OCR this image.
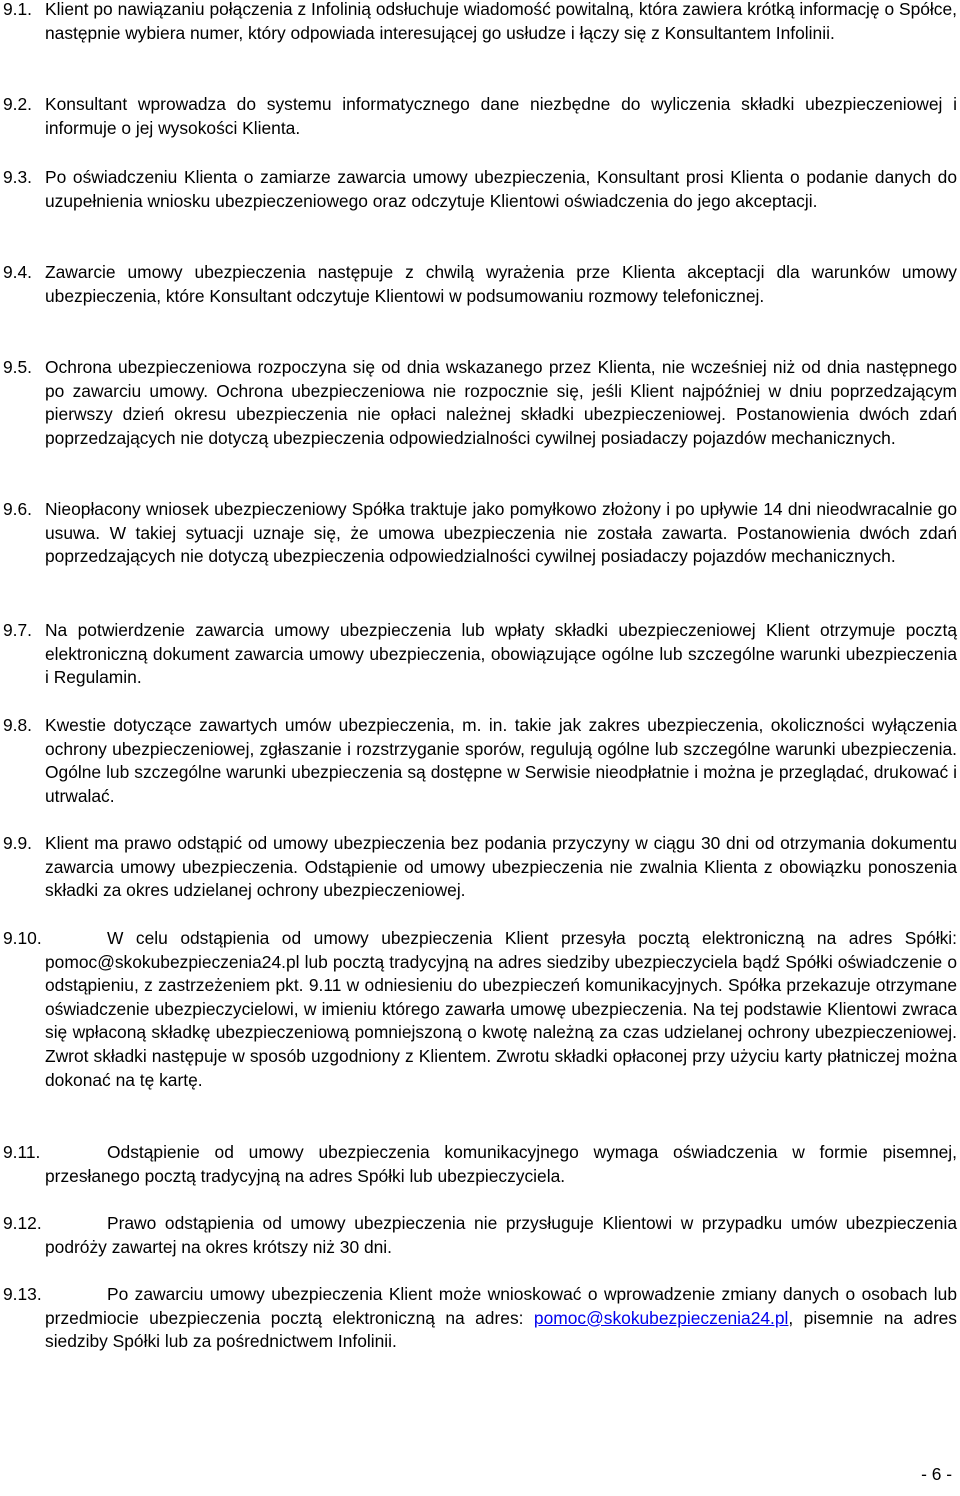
9.1. Klient po nawiązaniu połączenia z Infolinią odsłuchuje wiadomość powitalną, która zawiera krótką informację o Spółce, następnie wybiera numer, który odpowiada interesującej go usłudze i łączy się z Konsultantem Infolinii.
9.2. Konsultant wprowadza do systemu informatycznego dane niezbędne do wyliczenia składki ubezpieczeniowej i informuje o jej wysokości Klienta.
9.3. Po oświadczeniu Klienta o zamiarze zawarcia umowy ubezpieczenia, Konsultant prosi Klienta o podanie danych do uzupełnienia wniosku ubezpieczeniowego oraz odczytuje Klientowi oświadczenia do jego akceptacji.
9.4. Zawarcie umowy ubezpieczenia następuje z chwilą wyrażenia prze Klienta akceptacji dla warunków umowy ubezpieczenia, które Konsultant odczytuje Klientowi w podsumowaniu rozmowy telefonicznej.
9.5. Ochrona ubezpieczeniowa rozpoczyna się od dnia wskazanego przez Klienta, nie wcześniej niż od dnia następnego po zawarciu umowy. Ochrona ubezpieczeniowa nie rozpocznie się, jeśli Klient najpóźniej w dniu poprzedzającym pierwszy dzień okresu ubezpieczenia nie opłaci należnej składki ubezpieczeniowej. Postanowienia dwóch zdań poprzedzających nie dotyczą ubezpieczenia odpowiedzialności cywilnej posiadaczy pojazdów mechanicznych.
9.6. Nieopłacony wniosek ubezpieczeniowy Spółka traktuje jako pomyłkowo złożony i po upływie 14 dni nieodwracalnie go usuwa. W takiej sytuacji uznaje się, że umowa ubezpieczenia nie została zawarta. Postanowienia dwóch zdań poprzedzających nie dotyczą ubezpieczenia odpowiedzialności cywilnej posiadaczy pojazdów mechanicznych.
9.7. Na potwierdzenie zawarcia umowy ubezpieczenia lub wpłaty składki ubezpieczeniowej Klient otrzymuje pocztą elektroniczną dokument zawarcia umowy ubezpieczenia, obowiązujące ogólne lub szczególne warunki ubezpieczenia i Regulamin.
9.8. Kwestie dotyczące zawartych umów ubezpieczenia, m. in. takie jak zakres ubezpieczenia, okoliczności wyłączenia ochrony ubezpieczeniowej, zgłaszanie i rozstrzyganie sporów, regulują ogólne lub szczególne warunki ubezpieczenia. Ogólne lub szczególne warunki ubezpieczenia są dostępne w Serwisie nieodpłatnie i można je przeglądać, drukować i utrwalać.
9.9. Klient ma prawo odstąpić od umowy ubezpieczenia bez podania przyczyny w ciągu 30 dni od otrzymania dokumentu zawarcia umowy ubezpieczenia. Odstąpienie od umowy ubezpieczenia nie zwalnia Klienta z obowiązku ponoszenia składki za okres udzielanej ochrony ubezpieczeniowej.
9.10.	W celu odstąpienia od umowy ubezpieczenia Klient przesyła pocztą elektroniczną na adres Spółki: pomoc@skokubezpieczenia24.pl lub pocztą tradycyjną na adres siedziby ubezpieczyciela bądź Spółki oświadczenie o odstąpieniu, z zastrzeżeniem pkt. 9.11 w odniesieniu do ubezpieczeń komunikacyjnych. Spółka przekazuje otrzymane oświadczenie ubezpieczycielowi, w imieniu którego zawarła umowę ubezpieczenia. Na tej podstawie Klientowi zwraca się wpłaconą składkę ubezpieczeniową pomniejszoną o kwotę należną za czas udzielanej ochrony ubezpieczeniowej. Zwrot składki następuje w sposób uzgodniony z Klientem. Zwrotu składki opłaconej przy użyciu karty płatniczej można dokonać na tę kartę.
9.11.	Odstąpienie od umowy ubezpieczenia komunikacyjnego wymaga oświadczenia w formie pisemnej, przesłanego pocztą tradycyjną na adres Spółki lub ubezpieczyciela.
9.12.	Prawo odstąpienia od umowy ubezpieczenia nie przysługuje Klientowi w przypadku umów ubezpieczenia podróży zawartej na okres krótszy niż 30 dni.
9.13.	Po zawarciu umowy ubezpieczenia Klient może wnioskować o wprowadzenie zmiany danych o osobach lub przedmiocie ubezpieczenia pocztą elektroniczną na adres: pomoc@skokubezpieczenia24.pl, pisemnie na adres siedziby Spółki lub za pośrednictwem Infolinii.
- 6 -
